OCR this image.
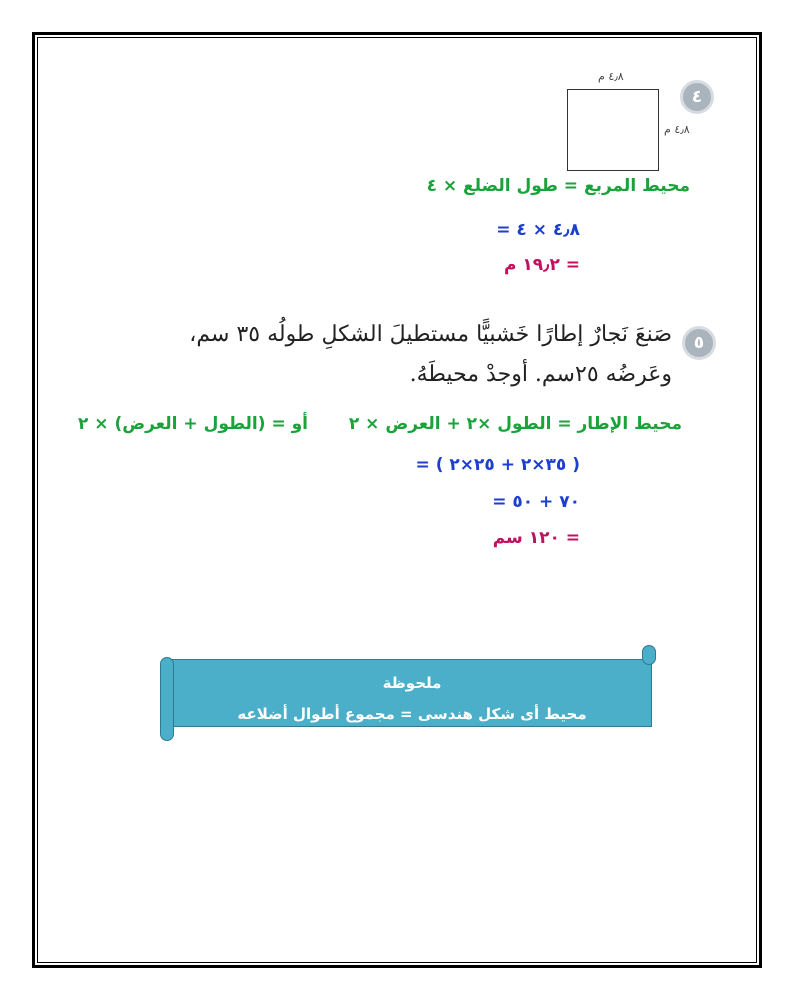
٤
٤٫٨ م
٤٫٨ م
محيط المربع = طول الضلع × ٤
= ٤٫٨ × ٤
= ١٩٫٢ م
٥
صَنعَ نَجارٌ إطارًا خَشبيًّا مستطيلَ الشكلِ طولُه ٣٥ سم،
وعَرضُه ٢٥سم. أوجدْ محيطَهُ.
محيط الإطار = الطول ×٢ + العرض × ٢
أو = (الطول + العرض) × ٢
= ( ٣٥×٢ + ٢٥×٢ )
= ٧٠ + ٥٠
= ١٢٠ سم
ملحوظة
محيط أى شكل هندسى = مجموع أطوال أضلاعه
